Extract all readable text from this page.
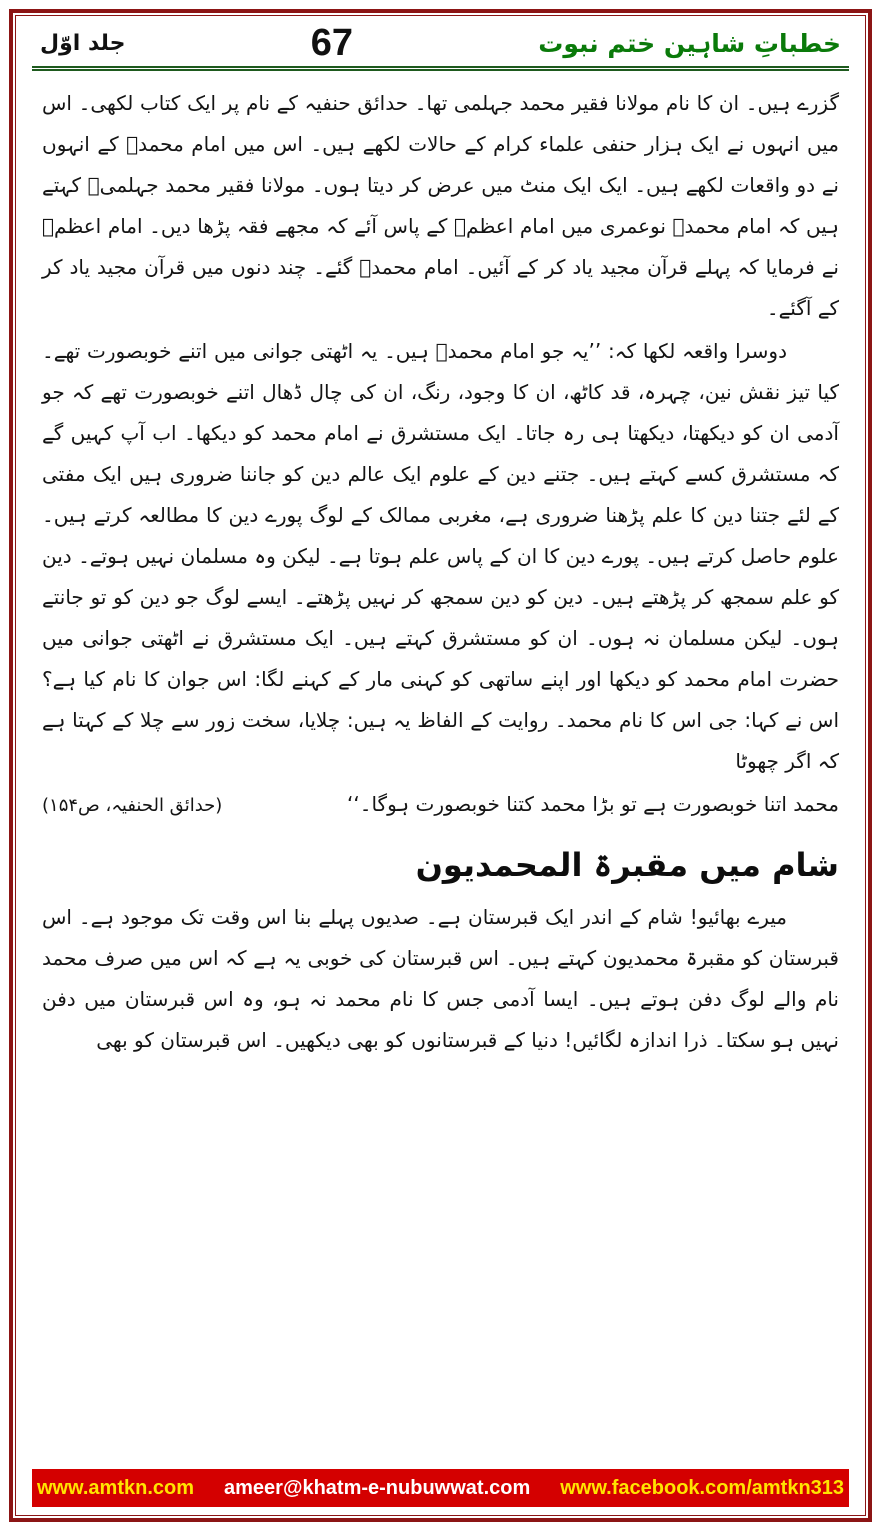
خطباتِ شاہین ختم نبوت
67
جلد اوّل

گزرے ہیں۔ ان کا نام مولانا فقیر محمد جہلمی تھا۔ حدائق حنفیہ کے نام پر ایک کتاب لکھی۔ اس میں انہوں نے ایک ہزار حنفی علماء کرام کے حالات لکھے ہیں۔ اس میں امام محمدؒ کے انہوں نے دو واقعات لکھے ہیں۔ ایک ایک منٹ میں عرض کر دیتا ہوں۔ مولانا فقیر محمد جہلمیؒ کہتے ہیں کہ امام محمدؒ نوعمری میں امام اعظمؒ کے پاس آئے کہ مجھے فقہ پڑھا دیں۔ امام اعظمؒ نے فرمایا کہ پہلے قرآن مجید یاد کر کے آئیں۔ امام محمدؒ گئے۔ چند دنوں میں قرآن مجید یاد کر کے آگئے۔

دوسرا واقعہ لکھا کہ: ’’یہ جو امام محمدؒ ہیں۔ یہ اٹھتی جوانی میں اتنے خوبصورت تھے۔ کیا تیز نقش نین، چہرہ، قد کاٹھ، ان کا وجود، رنگ، ان کی چال ڈھال اتنے خوبصورت تھے کہ جو آدمی ان کو دیکھتا، دیکھتا ہی رہ جاتا۔ ایک مستشرق نے امام محمد کو دیکھا۔ اب آپ کہیں گے کہ مستشرق کسے کہتے ہیں۔ جتنے دین کے علوم ایک عالم دین کو جاننا ضروری ہیں ایک مفتی کے لئے جتنا دین کا علم پڑھنا ضروری ہے، مغربی ممالک کے لوگ پورے دین کا مطالعہ کرتے ہیں۔ علوم حاصل کرتے ہیں۔ پورے دین کا ان کے پاس علم ہوتا ہے۔ لیکن وہ مسلمان نہیں ہوتے۔ دین کو علم سمجھ کر پڑھتے ہیں۔ دین کو دین سمجھ کر نہیں پڑھتے۔ ایسے لوگ جو دین کو تو جانتے ہوں۔ لیکن مسلمان نہ ہوں۔ ان کو مستشرق کہتے ہیں۔ ایک مستشرق نے اٹھتی جوانی میں حضرت امام محمد کو دیکھا اور اپنے ساتھی کو کہنی مار کے کہنے لگا: اس جوان کا نام کیا ہے؟ اس نے کہا: جی اس کا نام محمد۔ روایت کے الفاظ یہ ہیں: چلایا، سخت زور سے چلا کے کہتا ہے کہ اگر چھوٹا

محمد اتنا خوبصورت ہے تو بڑا محمد کتنا خوبصورت ہوگا۔‘‘
(حدائق الحنفیہ، ص۱۵۴)
شام میں مقبرۃ المحمدیون

میرے بھائیو! شام کے اندر ایک قبرستان ہے۔ صدیوں پہلے بنا اس وقت تک موجود ہے۔ اس قبرستان کو مقبرۃ محمدیون کہتے ہیں۔ اس قبرستان کی خوبی یہ ہے کہ اس میں صرف محمد نام والے لوگ دفن ہوتے ہیں۔ ایسا آدمی جس کا نام محمد نہ ہو، وہ اس قبرستان میں دفن نہیں ہو سکتا۔ ذرا اندازہ لگائیں! دنیا کے قبرستانوں کو بھی دیکھیں۔ اس قبرستان کو بھی

www.amtkn.com ameer@khatm-e-nubuwwat.com www.facebook.com/amtkn313
